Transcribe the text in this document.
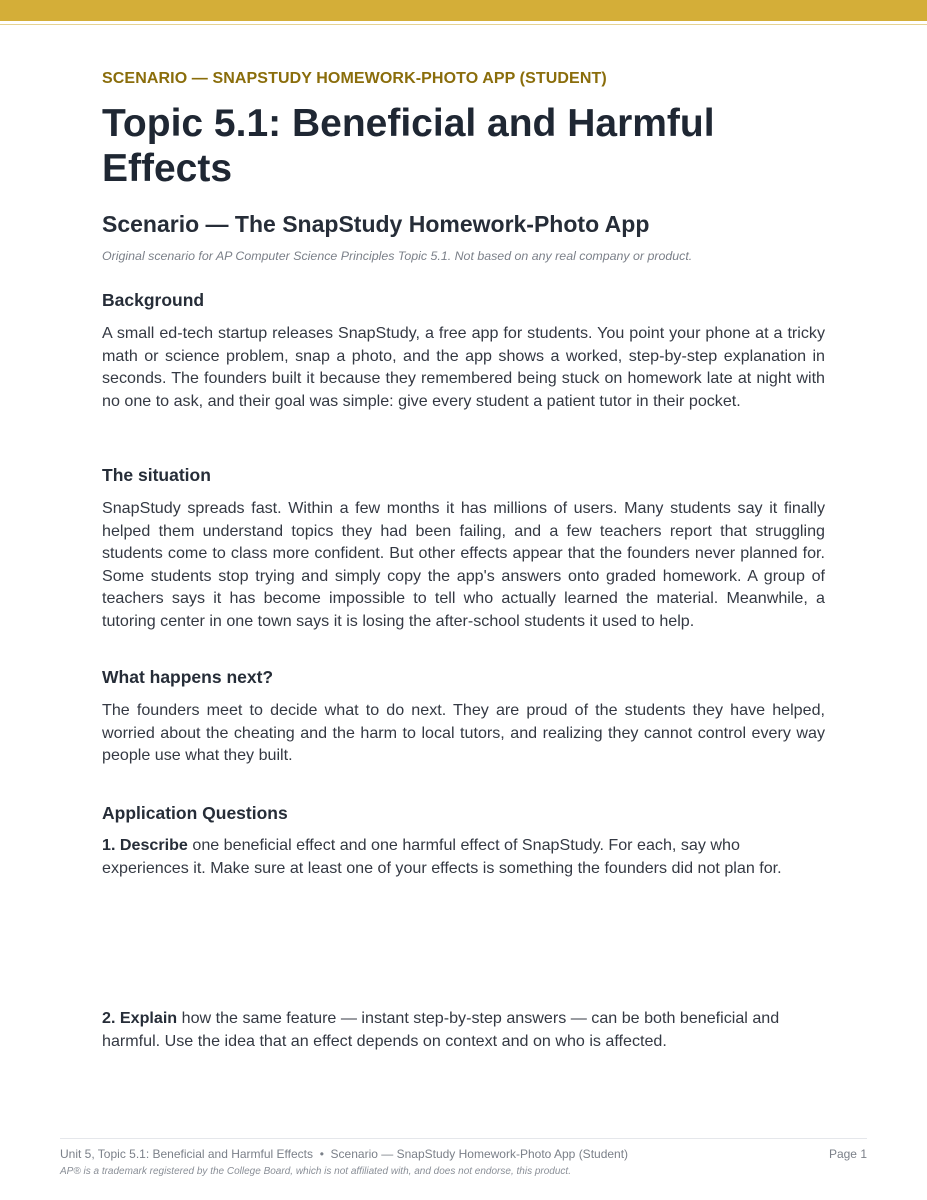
SCENARIO — SNAPSTUDY HOMEWORK-PHOTO APP (STUDENT)
Topic 5.1: Beneficial and Harmful Effects
Scenario — The SnapStudy Homework-Photo App
Original scenario for AP Computer Science Principles Topic 5.1. Not based on any real company or product.
Background

A small ed-tech startup releases SnapStudy, a free app for students. You point your phone at a tricky math or science problem, snap a photo, and the app shows a worked, step-by-step explanation in seconds. The founders built it because they remembered being stuck on homework late at night with no one to ask, and their goal was simple: give every student a patient tutor in their pocket.

The situation

SnapStudy spreads fast. Within a few months it has millions of users. Many students say it finally helped them understand topics they had been failing, and a few teachers report that struggling students come to class more confident. But other effects appear that the founders never planned for. Some students stop trying and simply copy the app's answers onto graded homework. A group of teachers says it has become impossible to tell who actually learned the material. Meanwhile, a tutoring center in one town says it is losing the after-school students it used to help.

What happens next?

The founders meet to decide what to do next. They are proud of the students they have helped, worried about the cheating and the harm to local tutors, and realizing they cannot control every way people use what they built.

Application Questions

1. Describe one beneficial effect and one harmful effect of SnapStudy. For each, say who experiences it. Make sure at least one of your effects is something the founders did not plan for.

2. Explain how the same feature — instant step-by-step answers — can be both beneficial and harmful. Use the idea that an effect depends on context and on who is affected.

Unit 5, Topic 5.1: Beneficial and Harmful Effects  •  Scenario — SnapStudy Homework-Photo App (Student)	Page 1
AP® is a trademark registered by the College Board, which is not affiliated with, and does not endorse, this product.
